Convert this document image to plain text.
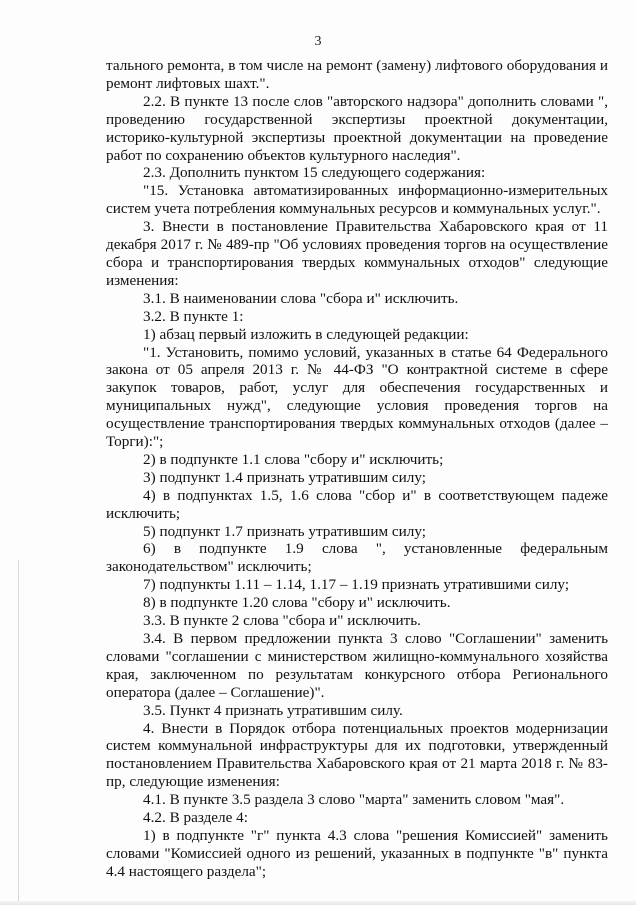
3

тального ремонта, в том числе на ремонт (замену) лифтового оборудования и ремонт лифтовых шахт.".

2.2. В пункте 13 после слов "авторского надзора" дополнить словами ", проведению государственной экспертизы проектной документации, историко-культурной экспертизы проектной документации на проведение работ по сохранению объектов культурного наследия".

2.3. Дополнить пунктом 15 следующего содержания:

"15. Установка автоматизированных информационно-измерительных систем учета потребления коммунальных ресурсов и коммунальных услуг.".

3. Внести в постановление Правительства Хабаровского края от 11 декабря 2017 г. № 489-пр "Об условиях проведения торгов на осуществление сбора и транспортирования твердых коммунальных отходов" следующие изменения:

3.1. В наименовании слова "сбора и" исключить.

3.2. В пункте 1:

1) абзац первый изложить в следующей редакции:

"1. Установить, помимо условий, указанных в статье 64 Федерального закона от 05 апреля 2013 г. № 44-ФЗ "О контрактной системе в сфере закупок товаров, работ, услуг для обеспечения государственных и муниципальных нужд", следующие условия проведения торгов на осуществление транспортирования твердых коммунальных отходов (далее – Торги):";

2) в подпункте 1.1 слова "сбору и" исключить;

3) подпункт 1.4 признать утратившим силу;

4) в подпунктах 1.5, 1.6 слова "сбор и" в соответствующем падеже исключить;

5) подпункт 1.7 признать утратившим силу;

6) в подпункте 1.9 слова ", установленные федеральным законодательством" исключить;

7) подпункты 1.11 – 1.14, 1.17 – 1.19 признать утратившими силу;

8) в подпункте 1.20 слова "сбору и" исключить.

3.3. В пункте 2 слова "сбора и" исключить.

3.4. В первом предложении пункта 3 слово "Соглашении" заменить словами "соглашении с министерством жилищно-коммунального хозяйства края, заключенном по результатам конкурсного отбора Регионального оператора (далее – Соглашение)".

3.5. Пункт 4 признать утратившим силу.

4. Внести в Порядок отбора потенциальных проектов модернизации систем коммунальной инфраструктуры для их подготовки, утвержденный постановлением Правительства Хабаровского края от 21 марта 2018 г. № 83-пр, следующие изменения:

4.1. В пункте 3.5 раздела 3 слово "марта" заменить словом "мая".

4.2. В разделе 4:

1) в подпункте "г" пункта 4.3 слова "решения Комиссией" заменить словами "Комиссией одного из решений, указанных в подпункте "в" пункта 4.4 настоящего раздела";
